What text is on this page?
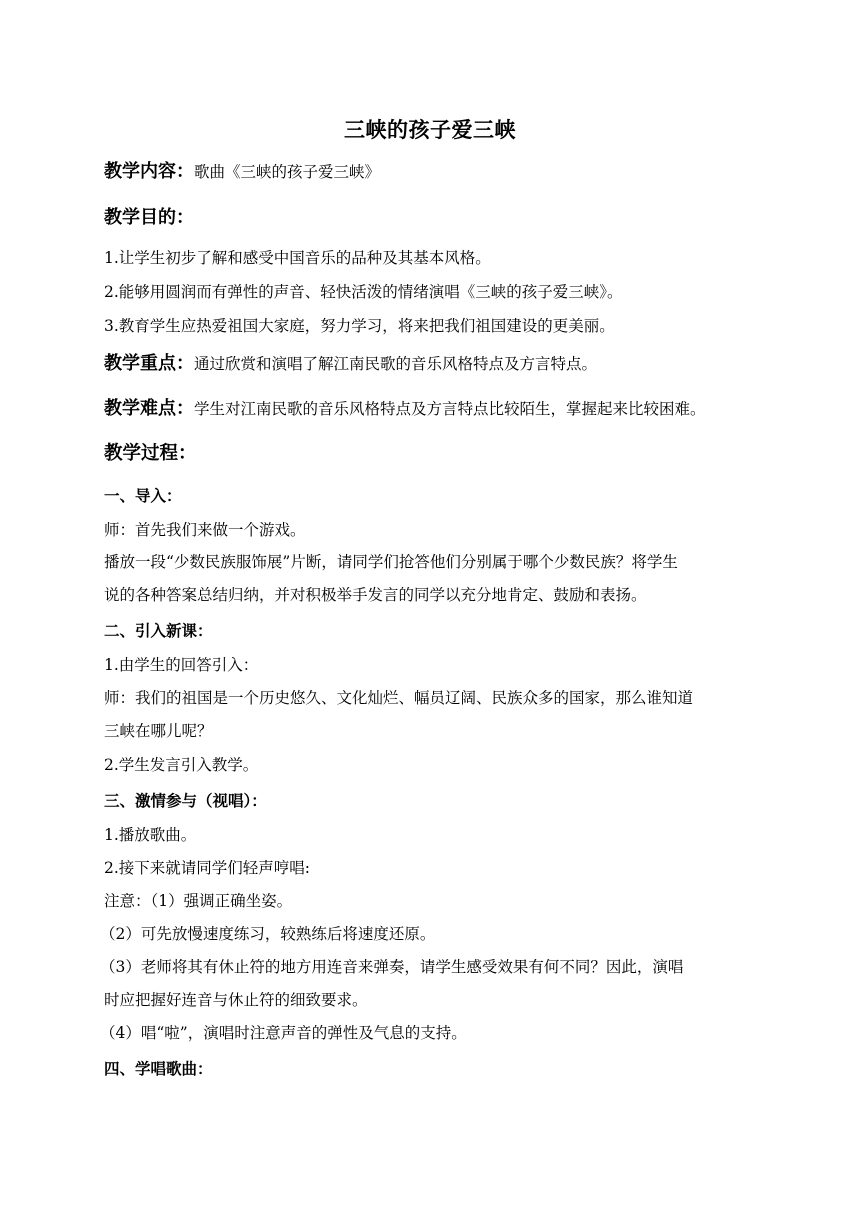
三峡的孩子爱三峡
教学内容：歌曲《三峡的孩子爱三峡》
教学目的：
1.让学生初步了解和感受中国音乐的品种及其基本风格。
2.能够用圆润而有弹性的声音、轻快活泼的情绪演唱《三峡的孩子爱三峡》。
3.教育学生应热爱祖国大家庭，努力学习，将来把我们祖国建设的更美丽。
教学重点：通过欣赏和演唱了解江南民歌的音乐风格特点及方言特点。
教学难点：学生对江南民歌的音乐风格特点及方言特点比较陌生，掌握起来比较困难。
教学过程：
一、导入：
师：首先我们来做一个游戏。
播放一段“少数民族服饰展”片断，请同学们抢答他们分别属于哪个少数民族？将学生
说的各种答案总结归纳，并对积极举手发言的同学以充分地肯定、鼓励和表扬。
二、引入新课：
1.由学生的回答引入：
师：我们的祖国是一个历史悠久、文化灿烂、幅员辽阔、民族众多的国家，那么谁知道
三峡在哪儿呢？
2.学生发言引入教学。
三、激情参与（视唱）：
1.播放歌曲。
2.接下来就请同学们轻声哼唱:
注意：（1）强调正确坐姿。
（2）可先放慢速度练习，较熟练后将速度还原。
（3）老师将其有休止符的地方用连音来弹奏，请学生感受效果有何不同？因此，演唱
时应把握好连音与休止符的细致要求。
（4）唱“啦”，演唱时注意声音的弹性及气息的支持。
四、学唱歌曲：
